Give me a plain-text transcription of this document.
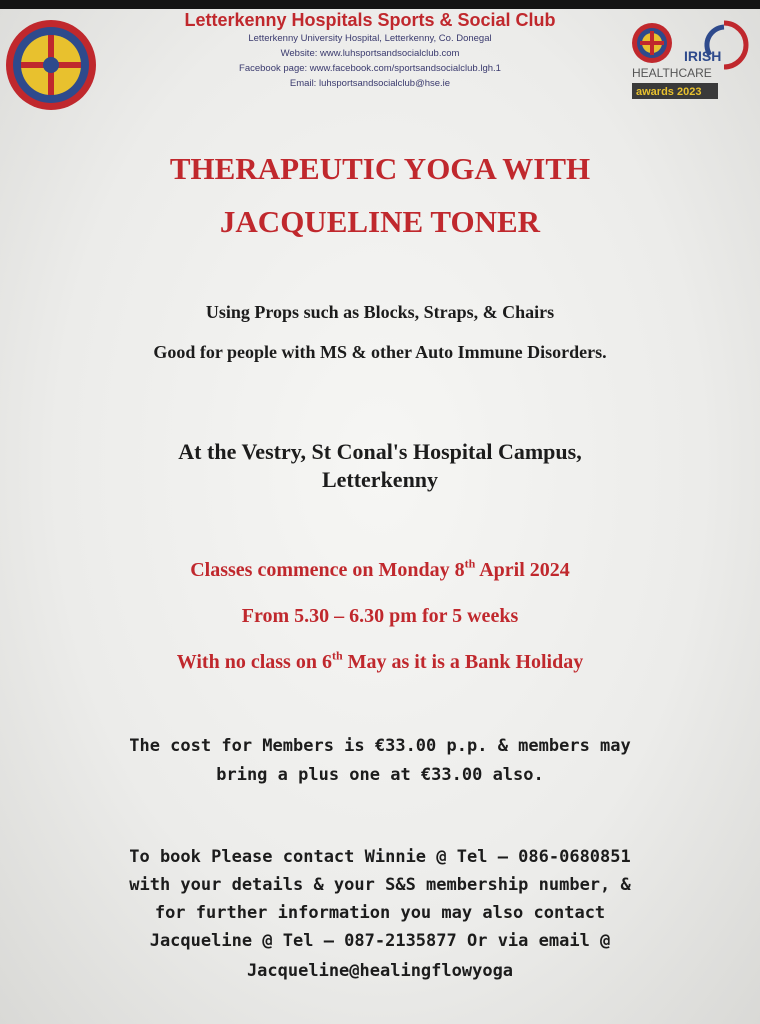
Letterkenny Hospitals Sports & Social Club
Letterkenny University Hospital, Letterkenny, Co. Donegal
Website: www.luhsportsandsocialclub.com
Facebook page: www.facebook.com/sportsandsocialclub.lgh.1
Email: luhsportsandsocialclub@hse.ie
IRISH
HEALTHCARE
awards 2023
THERAPEUTIC YOGA WITH
JACQUELINE TONER
Using Props such as Blocks, Straps, & Chairs
Good for people with MS & other Auto Immune Disorders.
At the Vestry, St Conal's Hospital Campus,
Letterkenny
Classes commence on Monday 8th April 2024
From 5.30 – 6.30 pm for 5 weeks
With no class on 6th May as it is a Bank Holiday
The cost for Members is €33.00 p.p. & members may
bring a plus one at €33.00 also.
To book Please contact Winnie @ Tel – 086-0680851
with your details & your S&S membership number, &
for further information you may also contact
Jacqueline @ Tel – 087-2135877 Or via email @
Jacqueline@healingflowyoga
